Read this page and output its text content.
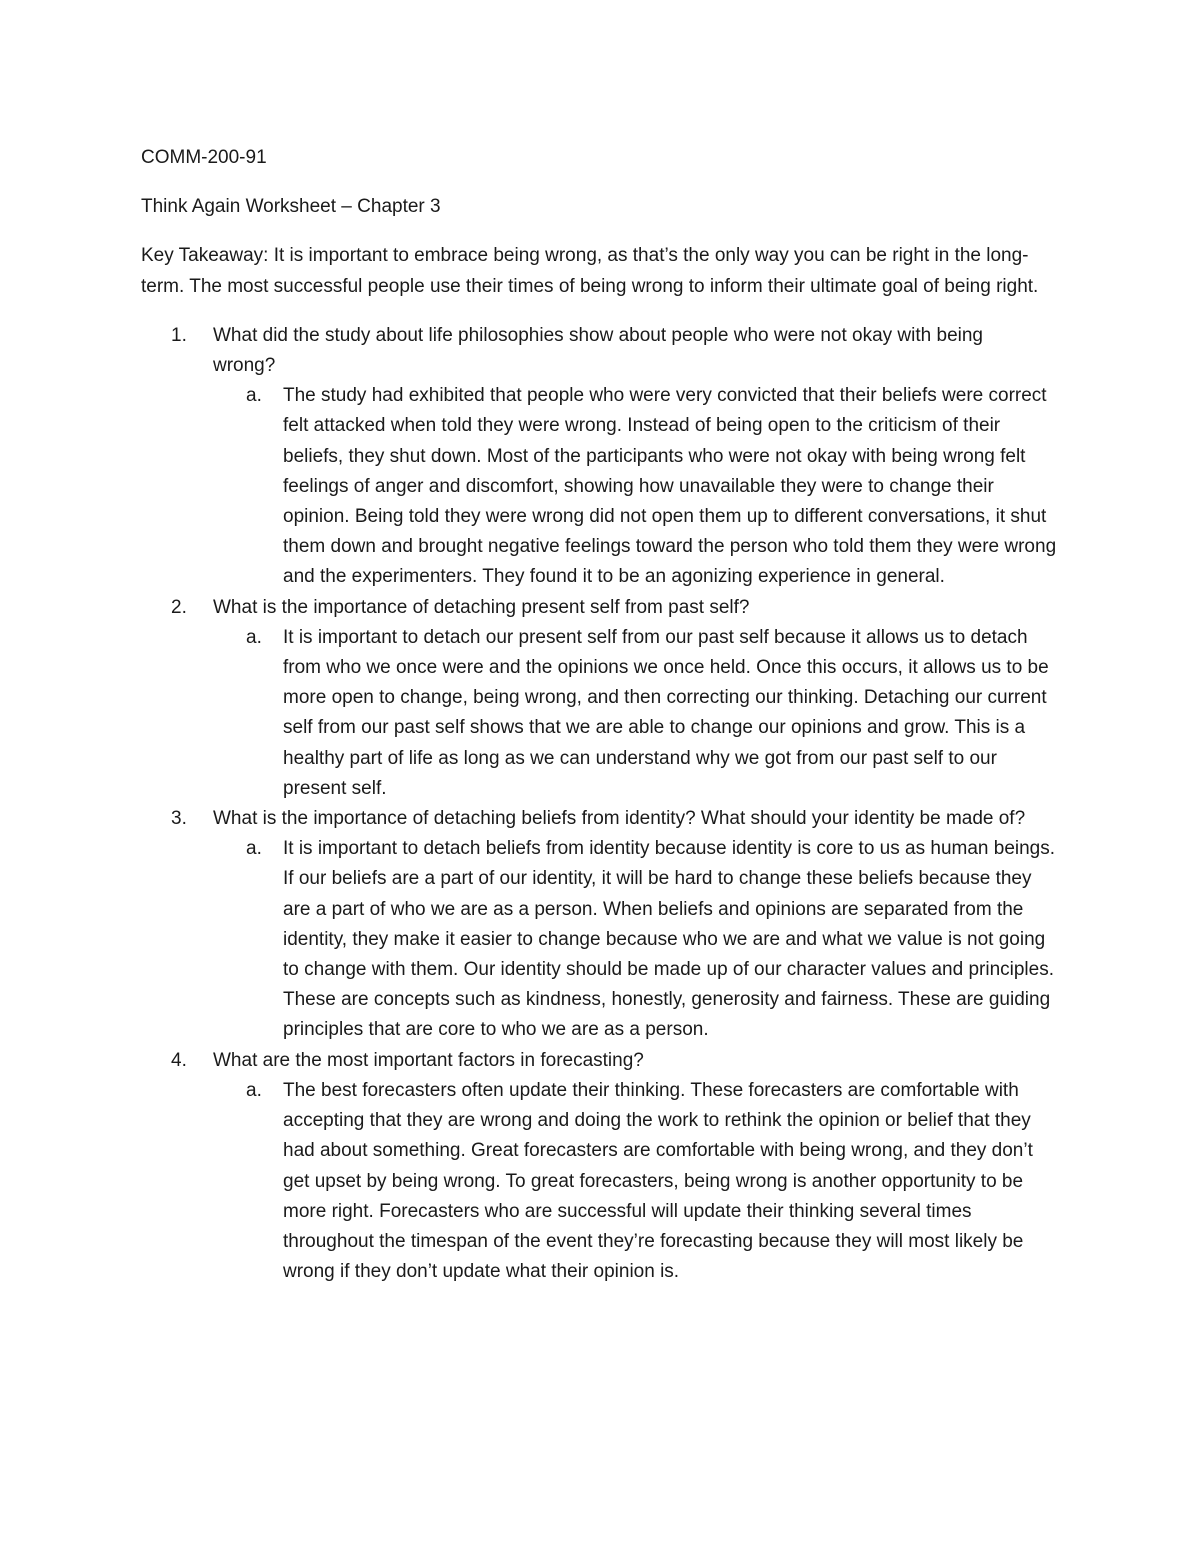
COMM-200-91

Think Again Worksheet – Chapter 3

Key Takeaway: It is important to embrace being wrong, as that’s the only way you can be right in the long-term. The most successful people use their times of being wrong to inform their ultimate goal of being right.

1. What did the study about life philosophies show about people who were not okay with being wrong?
a. The study had exhibited that people who were very convicted that their beliefs were correct felt attacked when told they were wrong. Instead of being open to the criticism of their beliefs, they shut down. Most of the participants who were not okay with being wrong felt feelings of anger and discomfort, showing how unavailable they were to change their opinion. Being told they were wrong did not open them up to different conversations, it shut them down and brought negative feelings toward the person who told them they were wrong and the experimenters. They found it to be an agonizing experience in general.
2. What is the importance of detaching present self from past self?
a. It is important to detach our present self from our past self because it allows us to detach from who we once were and the opinions we once held. Once this occurs, it allows us to be more open to change, being wrong, and then correcting our thinking. Detaching our current self from our past self shows that we are able to change our opinions and grow. This is a healthy part of life as long as we can understand why we got from our past self to our present self.
3. What is the importance of detaching beliefs from identity? What should your identity be made of?
a. It is important to detach beliefs from identity because identity is core to us as human beings. If our beliefs are a part of our identity, it will be hard to change these beliefs because they are a part of who we are as a person. When beliefs and opinions are separated from the identity, they make it easier to change because who we are and what we value is not going to change with them. Our identity should be made up of our character values and principles. These are concepts such as kindness, honestly, generosity and fairness. These are guiding principles that are core to who we are as a person.
4. What are the most important factors in forecasting?
a. The best forecasters often update their thinking. These forecasters are comfortable with accepting that they are wrong and doing the work to rethink the opinion or belief that they had about something. Great forecasters are comfortable with being wrong, and they don’t get upset by being wrong. To great forecasters, being wrong is another opportunity to be more right. Forecasters who are successful will update their thinking several times throughout the timespan of the event they’re forecasting because they will most likely be wrong if they don’t update what their opinion is.
